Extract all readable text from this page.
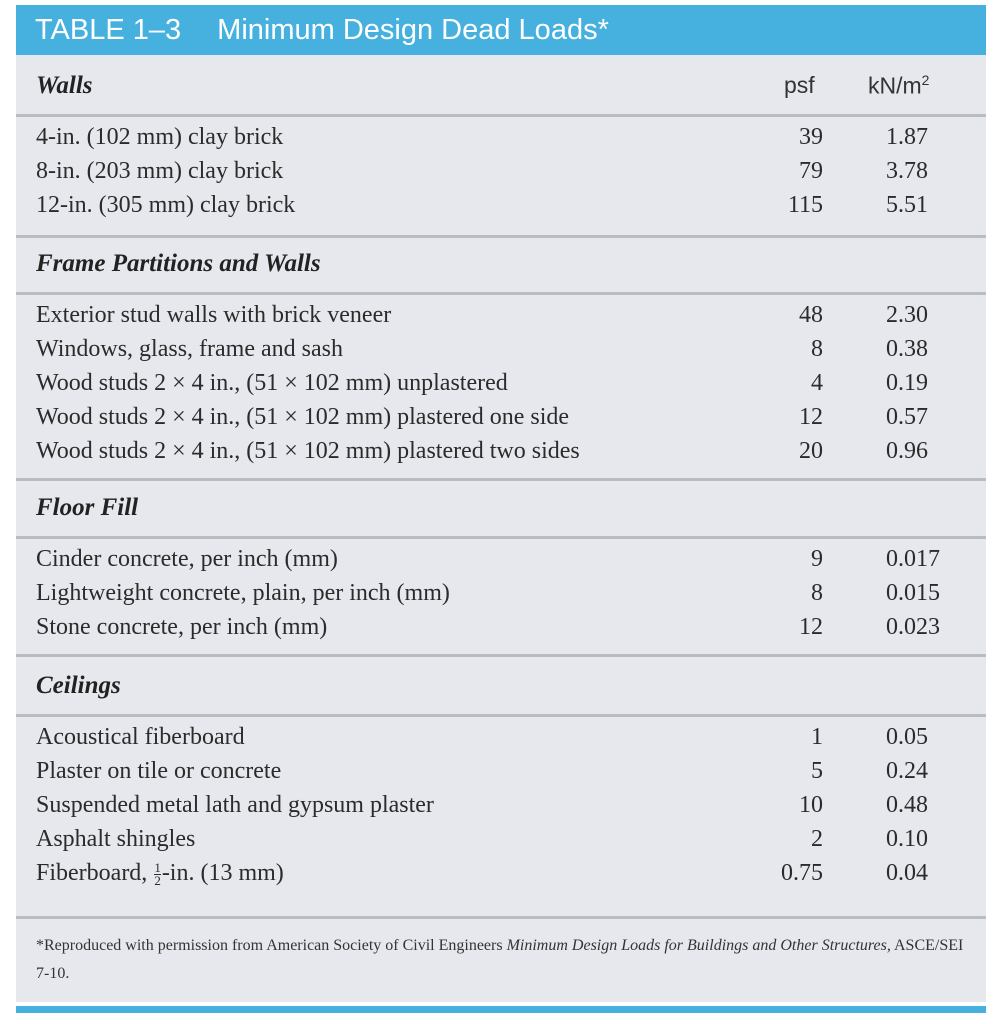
TABLE 1–3 Minimum Design Dead Loads*
Walls	psf $kN/m^2$
4-in. (102 mm) clay brick	39	1.87
8-in. (203 mm) clay brick	79	3.78
12-in. (305 mm) clay brick	115	5.51
Frame Partitions and Walls
Exterior stud walls with brick veneer	48	2.30
Windows, glass, frame and sash	8	0.38
Wood studs 2 × 4 in., (51 × 102 mm) unplastered	4	0.19
Wood studs 2 × 4 in., (51 × 102 mm) plastered one side	12	0.57
Wood studs 2 × 4 in., (51 × 102 mm) plastered two sides	20	0.96
Floor Fill
Cinder concrete, per inch (mm)	9	0.017
Lightweight concrete, plain, per inch (mm)	8	0.015
Stone concrete, per inch (mm)	12	0.023
Ceilings
Acoustical fiberboard	1	0.05
Plaster on tile or concrete	5	0.24
Suspended metal lath and gypsum plaster	10	0.48
Asphalt shingles	2	0.10
Fiberboard, $\frac{1}{2} -in$. (13 mm)	0.75	0.04
*Reproduced with permission from American Society of Civil Engineers Minimum Design Loads for Buildings and Other Structures, ASCE/SEI 7-10.
